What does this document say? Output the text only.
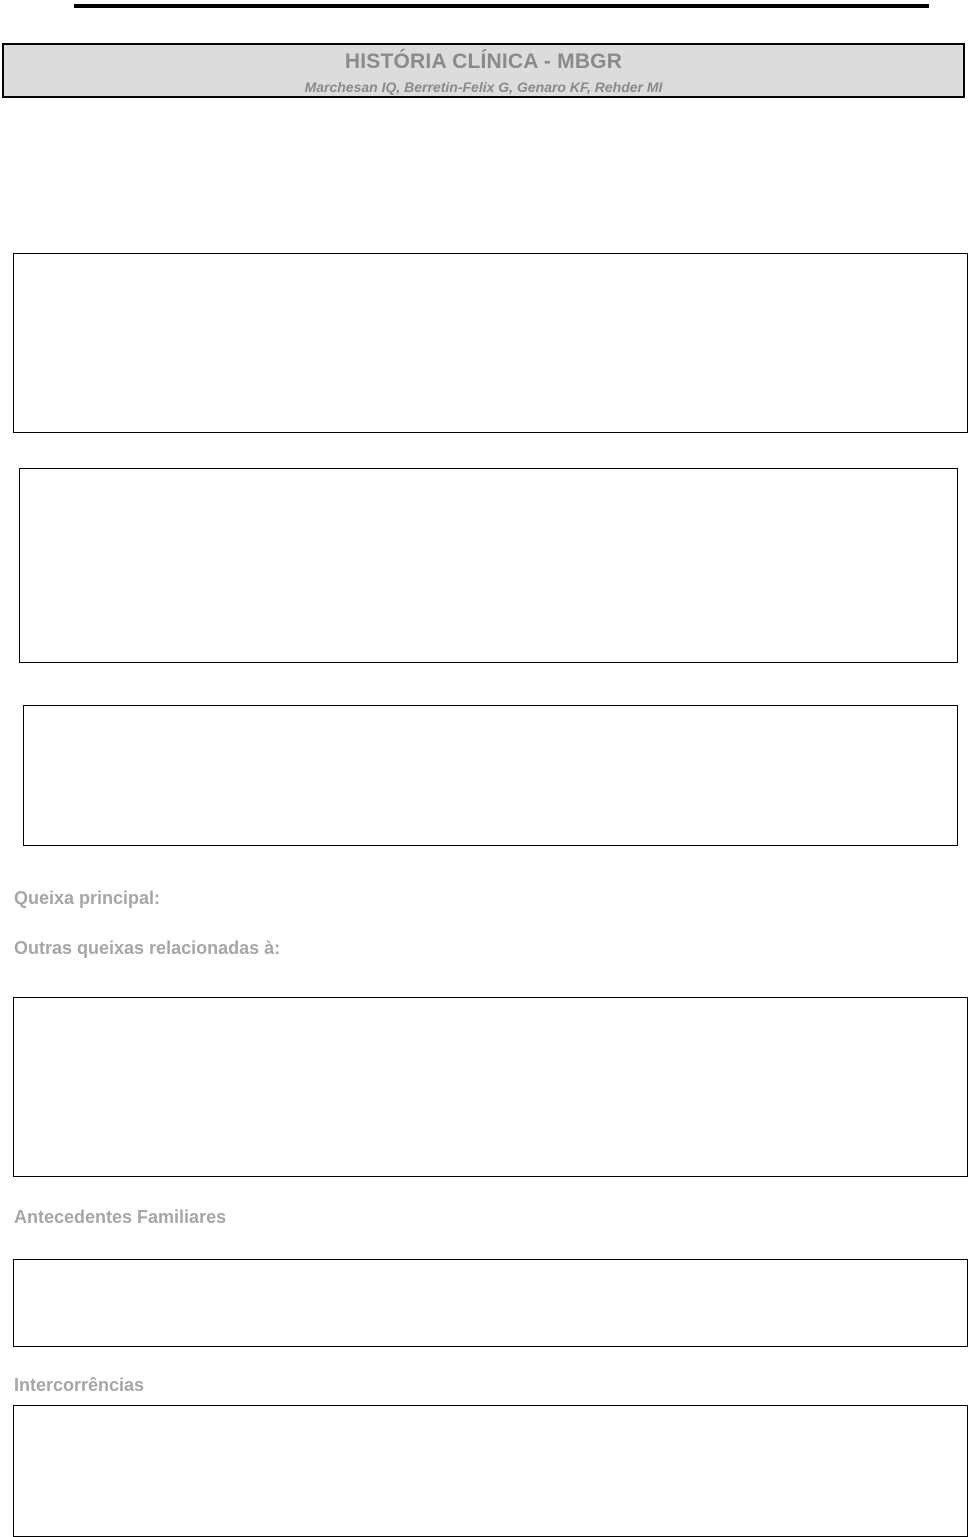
HISTÓRIA CLÍNICA - MBGR
Marchesan IQ, Berretin-Felix G, Genaro KF, Rehder MI
Queixa principal:
Outras queixas relacionadas à:
Antecedentes Familiares
Intercorrências
